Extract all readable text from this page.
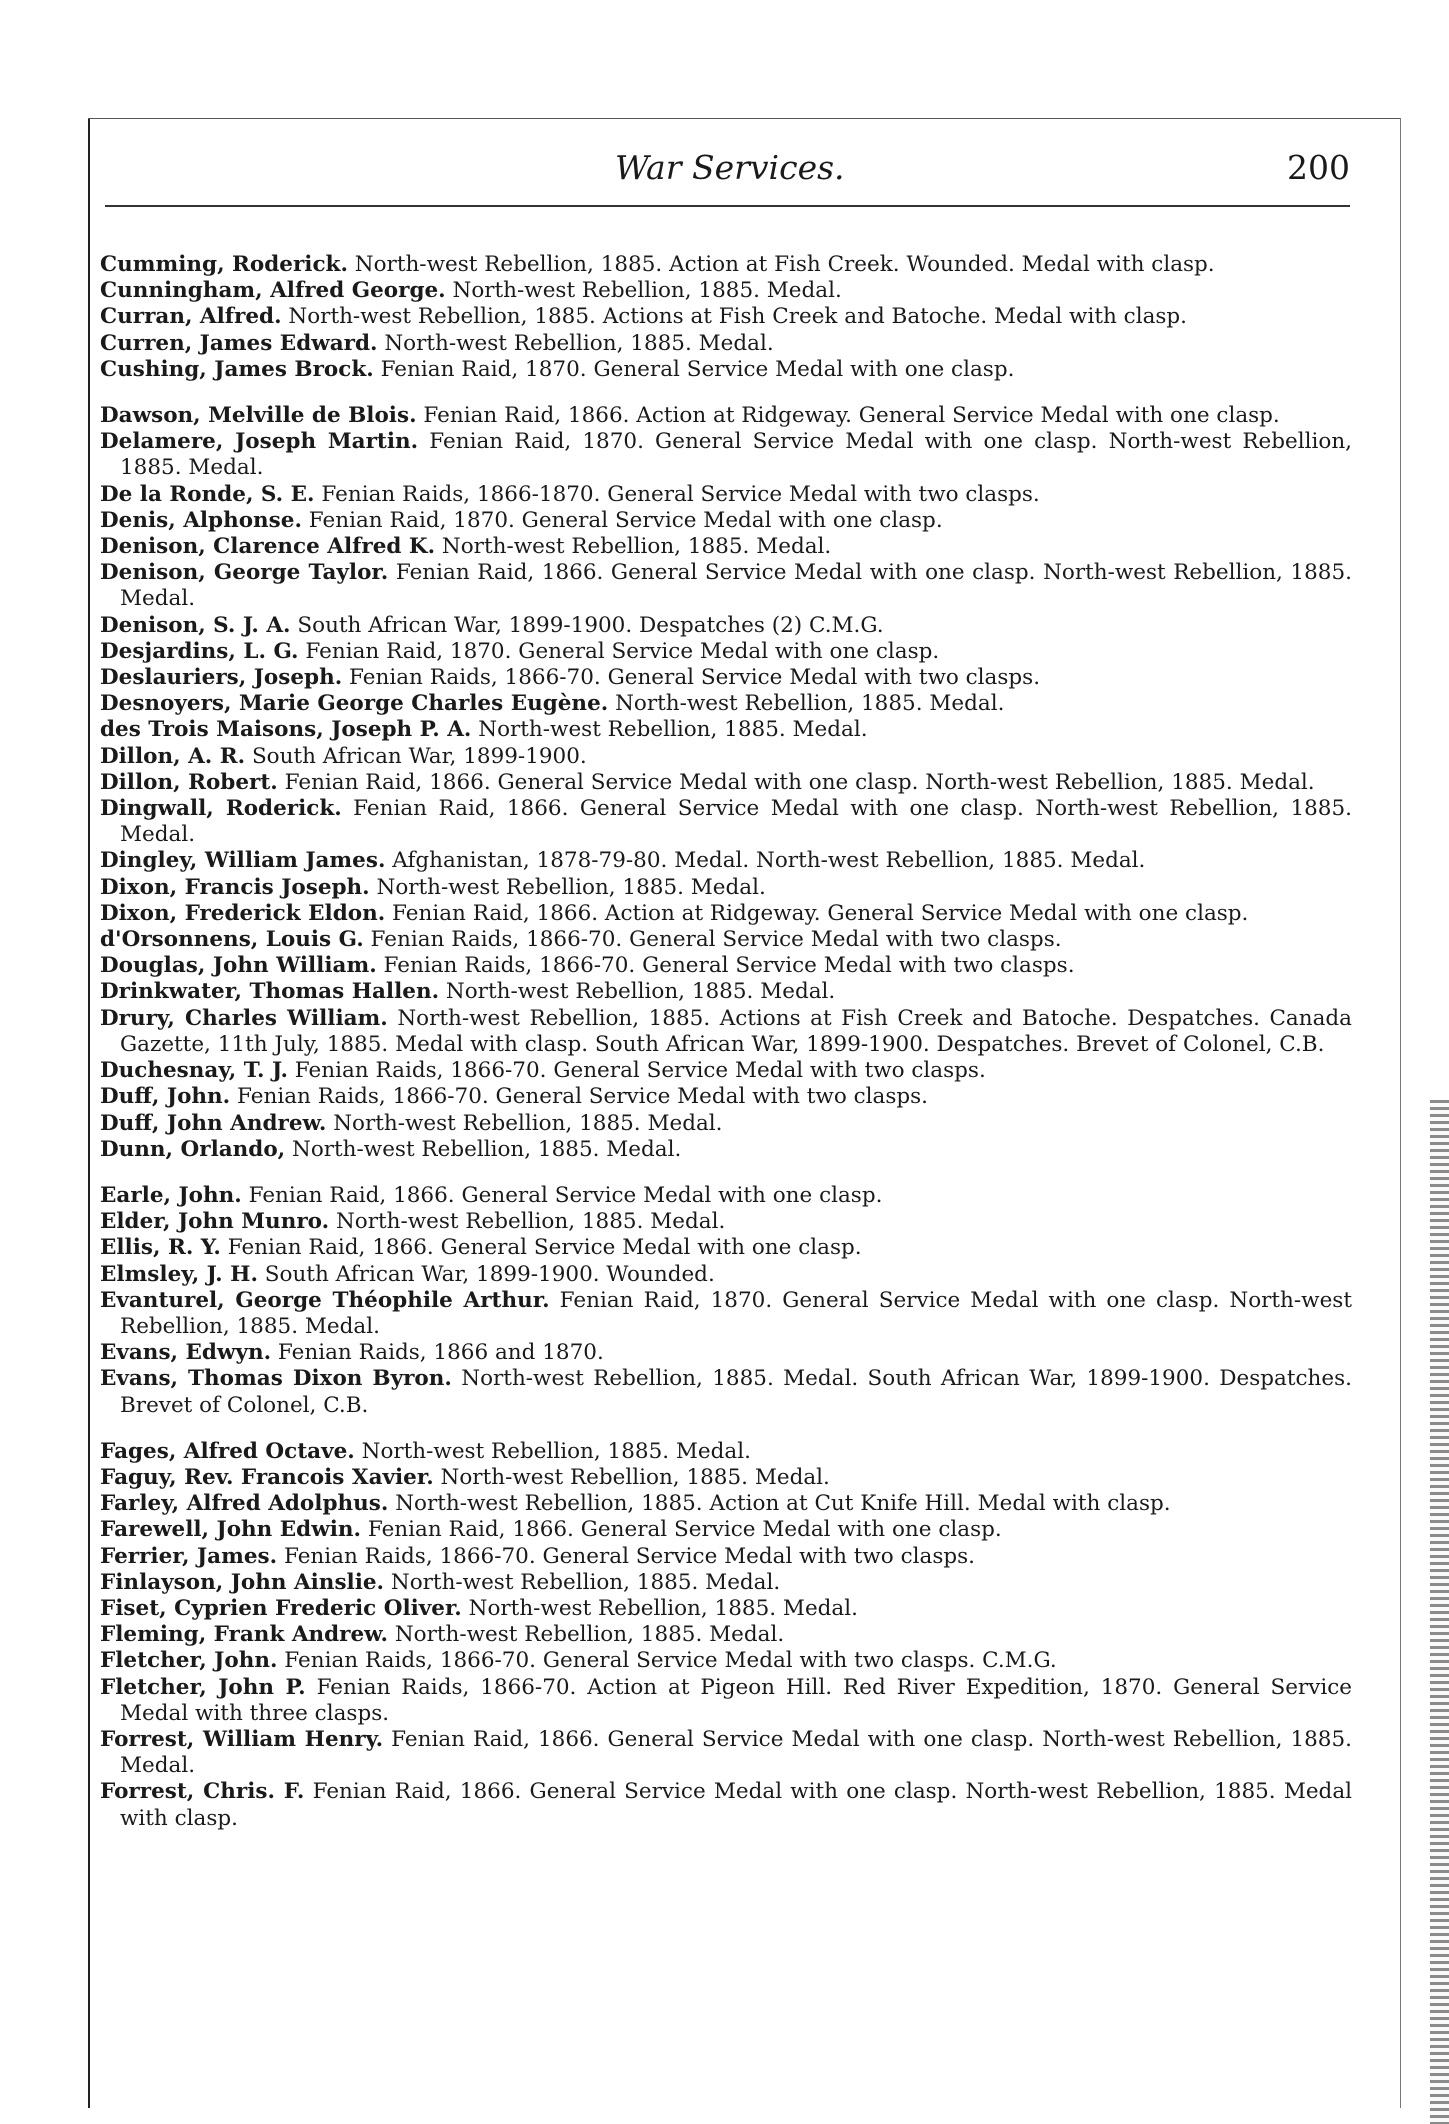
War Services.	200
Cumming, Roderick. North-west Rebellion, 1885. Action at Fish Creek. Wounded. Medal with clasp.
Cunningham, Alfred George. North-west Rebellion, 1885. Medal.
Curran, Alfred. North-west Rebellion, 1885. Actions at Fish Creek and Batoche. Medal with clasp.
Curren, James Edward. North-west Rebellion, 1885. Medal.
Cushing, James Brock. Fenian Raid, 1870. General Service Medal with one clasp.
Dawson, Melville de Blois. Fenian Raid, 1866. Action at Ridgeway. General Service Medal with one clasp.
Delamere, Joseph Martin. Fenian Raid, 1870. General Service Medal with one clasp. North-west Rebellion, 1885. Medal.
De la Ronde, S. E. Fenian Raids, 1866-1870. General Service Medal with two clasps.
Denis, Alphonse. Fenian Raid, 1870. General Service Medal with one clasp.
Denison, Clarence Alfred K. North-west Rebellion, 1885. Medal.
Denison, George Taylor. Fenian Raid, 1866. General Service Medal with one clasp. North-west Rebellion, 1885. Medal.
Denison, S. J. A. South African War, 1899-1900. Despatches (2) C.M.G.
Desjardins, L. G. Fenian Raid, 1870. General Service Medal with one clasp.
Deslauriers, Joseph. Fenian Raids, 1866-70. General Service Medal with two clasps.
Desnoyers, Marie George Charles Eugène. North-west Rebellion, 1885. Medal.
des Trois Maisons, Joseph P. A. North-west Rebellion, 1885. Medal.
Dillon, A. R. South African War, 1899-1900.
Dillon, Robert. Fenian Raid, 1866. General Service Medal with one clasp. North-west Rebellion, 1885. Medal.
Dingwall, Roderick. Fenian Raid, 1866. General Service Medal with one clasp. North-west Rebellion, 1885. Medal.
Dingley, William James. Afghanistan, 1878-79-80. Medal. North-west Rebellion, 1885. Medal.
Dixon, Francis Joseph. North-west Rebellion, 1885. Medal.
Dixon, Frederick Eldon. Fenian Raid, 1866. Action at Ridgeway. General Service Medal with one clasp.
d'Orsonnens, Louis G. Fenian Raids, 1866-70. General Service Medal with two clasps.
Douglas, John William. Fenian Raids, 1866-70. General Service Medal with two clasps.
Drinkwater, Thomas Hallen. North-west Rebellion, 1885. Medal.
Drury, Charles William. North-west Rebellion, 1885. Actions at Fish Creek and Batoche. Despatches. Canada Gazette, 11th July, 1885. Medal with clasp. South African War, 1899-1900. Despatches. Brevet of Colonel, C.B.
Duchesnay, T. J. Fenian Raids, 1866-70. General Service Medal with two clasps.
Duff, John. Fenian Raids, 1866-70. General Service Medal with two clasps.
Duff, John Andrew. North-west Rebellion, 1885. Medal.
Dunn, Orlando, North-west Rebellion, 1885. Medal.
Earle, John. Fenian Raid, 1866. General Service Medal with one clasp.
Elder, John Munro. North-west Rebellion, 1885. Medal.
Ellis, R. Y. Fenian Raid, 1866. General Service Medal with one clasp.
Elmsley, J. H. South African War, 1899-1900. Wounded.
Evanturel, George Théophile Arthur. Fenian Raid, 1870. General Service Medal with one clasp. North-west Rebellion, 1885. Medal.
Evans, Edwyn. Fenian Raids, 1866 and 1870.
Evans, Thomas Dixon Byron. North-west Rebellion, 1885. Medal. South African War, 1899-1900. Despatches. Brevet of Colonel, C.B.
Fages, Alfred Octave. North-west Rebellion, 1885. Medal.
Faguy, Rev. Francois Xavier. North-west Rebellion, 1885. Medal.
Farley, Alfred Adolphus. North-west Rebellion, 1885. Action at Cut Knife Hill. Medal with clasp.
Farewell, John Edwin. Fenian Raid, 1866. General Service Medal with one clasp.
Ferrier, James. Fenian Raids, 1866-70. General Service Medal with two clasps.
Finlayson, John Ainslie. North-west Rebellion, 1885. Medal.
Fiset, Cyprien Frederic Oliver. North-west Rebellion, 1885. Medal.
Fleming, Frank Andrew. North-west Rebellion, 1885. Medal.
Fletcher, John. Fenian Raids, 1866-70. General Service Medal with two clasps. C.M.G.
Fletcher, John P. Fenian Raids, 1866-70. Action at Pigeon Hill. Red River Expedition, 1870. General Service Medal with three clasps.
Forrest, William Henry. Fenian Raid, 1866. General Service Medal with one clasp. North-west Rebellion, 1885. Medal.
Forrest, Chris. F. Fenian Raid, 1866. General Service Medal with one clasp. North-west Rebellion, 1885. Medal with clasp.
